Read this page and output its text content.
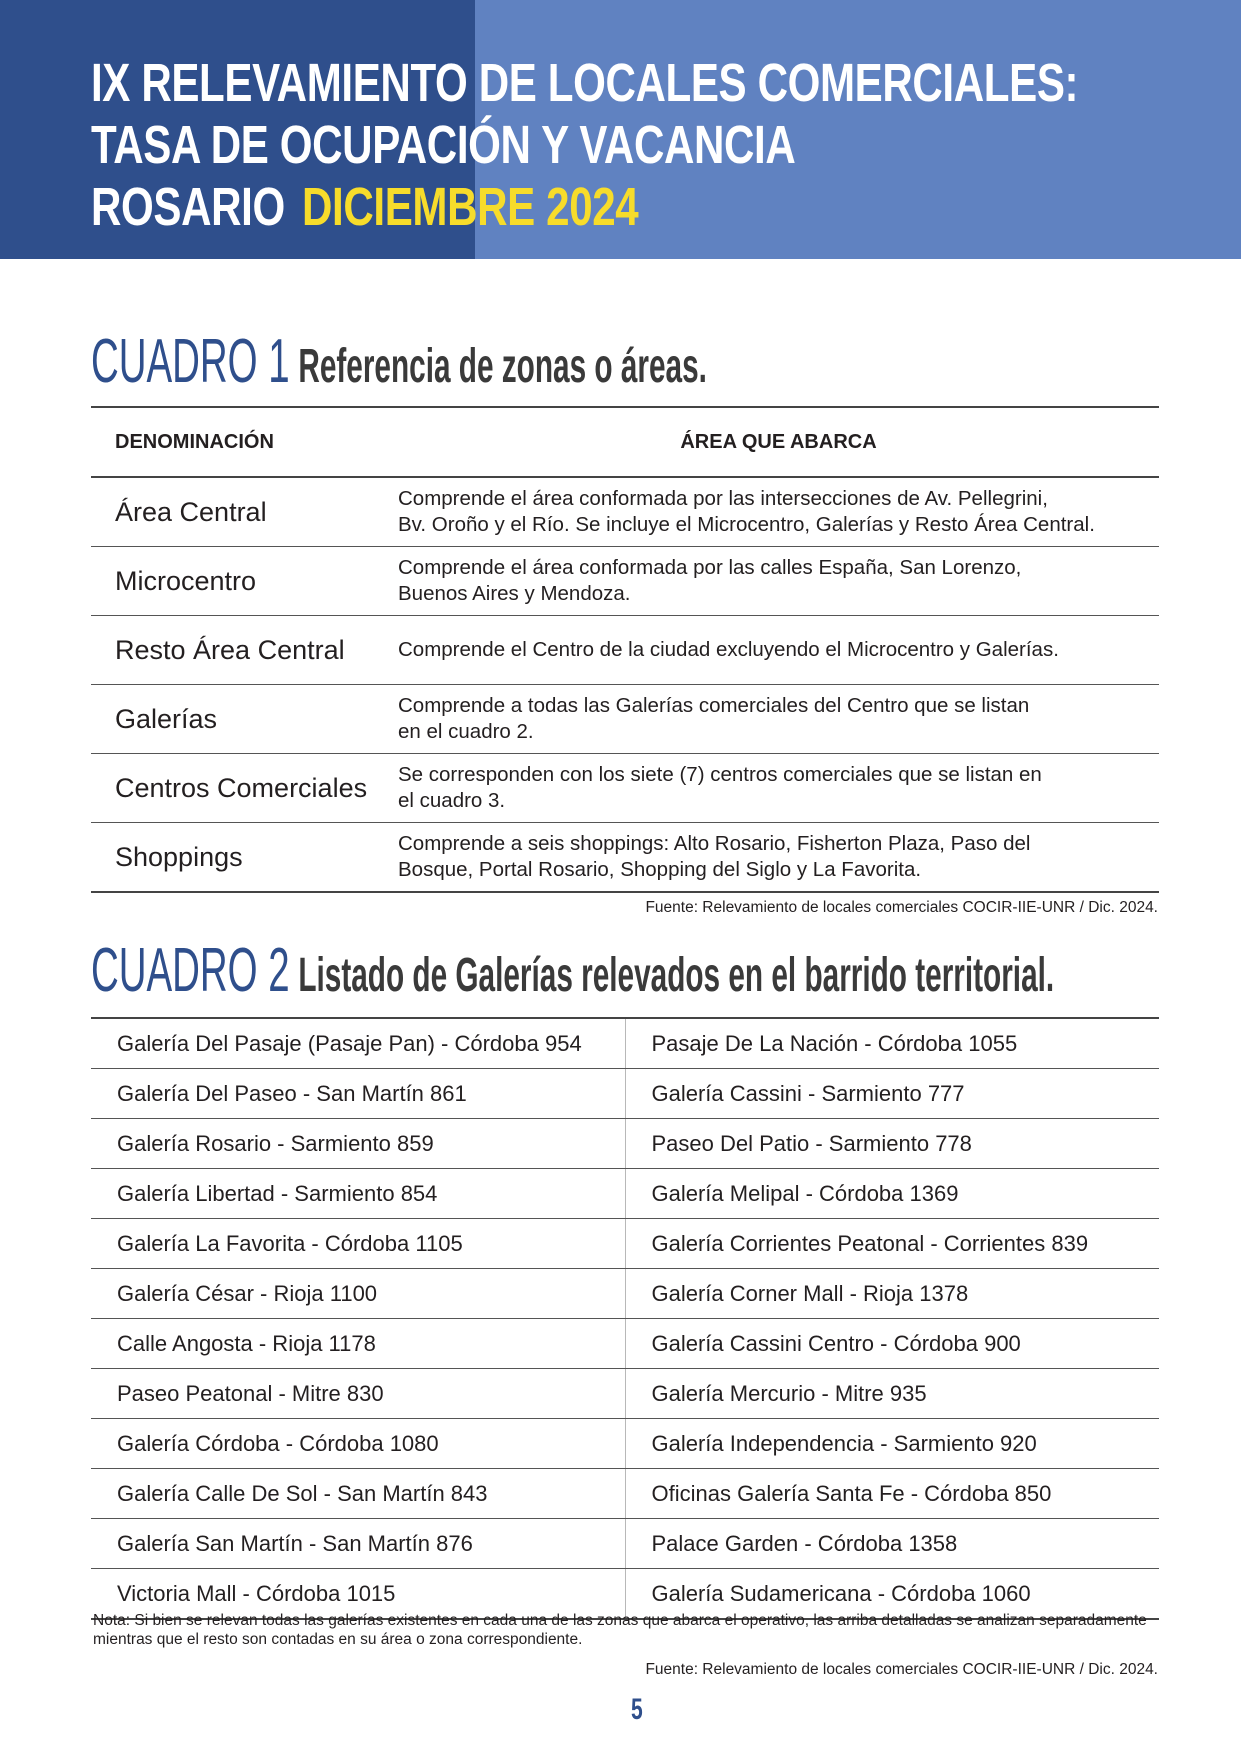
IX RELEVAMIENTO DE LOCALES COMERCIALES:
TASA DE OCUPACIÓN Y VACANCIA
ROSARIO DICIEMBRE 2024
CUADRO 1 Referencia de zonas o áreas.
DENOMINACIÓN	ÁREA QUE ABARCA
Área Central	Comprende el área conformada por las intersecciones de Av. Pellegrini,
Bv. Oroño y el Río. Se incluye el Microcentro, Galerías y Resto Área Central.
Microcentro	Comprende el área conformada por las calles España, San Lorenzo,
Buenos Aires y Mendoza.
Resto Área Central	Comprende el Centro de la ciudad excluyendo el Microcentro y Galerías.
Galerías	Comprende a todas las Galerías comerciales del Centro que se listan
en el cuadro 2.
Centros Comerciales	Se corresponden con los siete (7) centros comerciales que se listan en
el cuadro 3.
Shoppings	Comprende a seis shoppings: Alto Rosario, Fisherton Plaza, Paso del
Bosque, Portal Rosario, Shopping del Siglo y La Favorita.

Fuente: Relevamiento de locales comerciales COCIR-IIE-UNR / Dic. 2024.

CUADRO 2 Listado de Galerías relevados en el barrido territorial.
Galería Del Pasaje (Pasaje Pan) - Córdoba 954	Pasaje De La Nación - Córdoba 1055
Galería Del Paseo - San Martín 861	Galería Cassini - Sarmiento 777
Galería Rosario - Sarmiento 859	Paseo Del Patio - Sarmiento 778
Galería Libertad - Sarmiento 854	Galería Melipal - Córdoba 1369
Galería La Favorita - Córdoba 1105	Galería Corrientes Peatonal - Corrientes 839
Galería César - Rioja 1100	Galería Corner Mall - Rioja 1378
Calle Angosta - Rioja 1178	Galería Cassini Centro - Córdoba 900
Paseo Peatonal - Mitre 830	Galería Mercurio - Mitre 935
Galería Córdoba - Córdoba 1080	Galería Independencia - Sarmiento 920
Galería Calle De Sol - San Martín 843	Oficinas Galería Santa Fe - Córdoba 850
Galería San Martín - San Martín 876	Palace Garden - Córdoba 1358
Victoria Mall - Córdoba 1015	Galería Sudamericana - Córdoba 1060

Nota: Si bien se relevan todas las galerías existentes en cada una de las zonas que abarca el operativo, las arriba detalladas se analizan separadamente mientras que el resto son contadas en su área o zona correspondiente.

Fuente: Relevamiento de locales comerciales COCIR-IIE-UNR / Dic. 2024.

5
